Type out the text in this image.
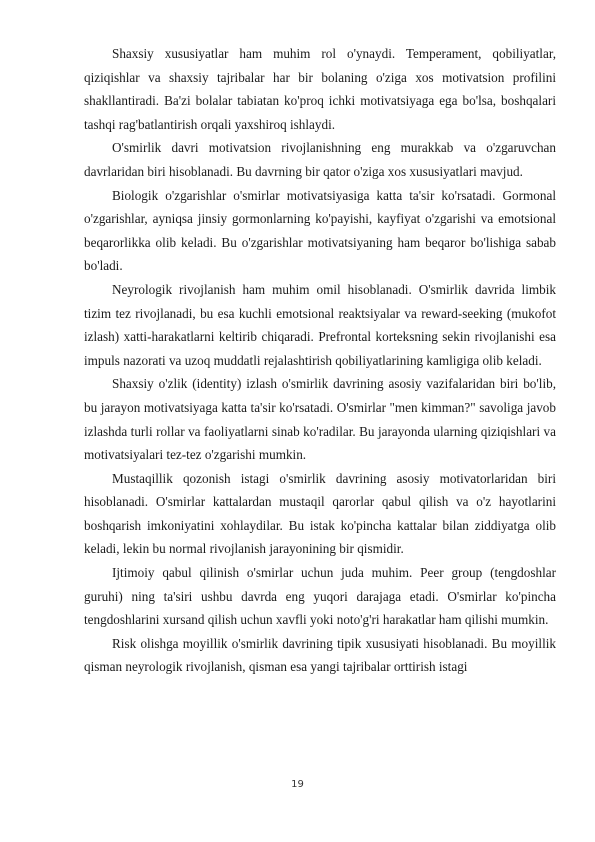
Shaxsiy xususiyatlar ham muhim rol o'ynaydi. Temperament, qobiliyatlar, qiziqishlar va shaxsiy tajribalar har bir bolaning o'ziga xos motivatsion profilini shakllantiradi. Ba'zi bolalar tabiatan ko'proq ichki motivatsiyaga ega bo'lsa, boshqalari tashqi rag'batlantirish orqali yaxshiroq ishlaydi.

O'smirlik davri motivatsion rivojlanishning eng murakkab va o'zgaruvchan davrlaridan biri hisoblanadi. Bu davrning bir qator o'ziga xos xususiyatlari mavjud.

Biologik o'zgarishlar o'smirlar motivatsiyasiga katta ta'sir ko'rsatadi. Gormonal o'zgarishlar, ayniqsa jinsiy gormonlarning ko'payishi, kayfiyat o'zgarishi va emotsional beqarorlikka olib keladi. Bu o'zgarishlar motivatsiyaning ham beqaror bo'lishiga sabab bo'ladi.

Neyrologik rivojlanish ham muhim omil hisoblanadi. O'smirlik davrida limbik tizim tez rivojlanadi, bu esa kuchli emotsional reaktsiyalar va reward-seeking (mukofot izlash) xatti-harakatlarni keltirib chiqaradi. Prefrontal korteksning sekin rivojlanishi esa impuls nazorati va uzoq muddatli rejalashtirish qobiliyatlarining kamligiga olib keladi.

Shaxsiy o'zlik (identity) izlash o'smirlik davrining asosiy vazifalaridan biri bo'lib, bu jarayon motivatsiyaga katta ta'sir ko'rsatadi. O'smirlar "men kimman?" savoliga javob izlashda turli rollar va faoliyatlarni sinab ko'radilar. Bu jarayonda ularning qiziqishlari va motivatsiyalari tez-tez o'zgarishi mumkin.

Mustaqillik qozonish istagi o'smirlik davrining asosiy motivatorlaridan biri hisoblanadi. O'smirlar kattalardan mustaqil qarorlar qabul qilish va o'z hayotlarini boshqarish imkoniyatini xohlaydilar. Bu istak ko'pincha kattalar bilan ziddiyatga olib keladi, lekin bu normal rivojlanish jarayonining bir qismidir.

Ijtimoiy qabul qilinish o'smirlar uchun juda muhim. Peer group (tengdoshlar guruhi) ning ta'siri ushbu davrda eng yuqori darajaga etadi. O'smirlar ko'pincha tengdoshlarini xursand qilish uchun xavfli yoki noto'g'ri harakatlar ham qilishi mumkin.

Risk olishga moyillik o'smirlik davrining tipik xususiyati hisoblanadi. Bu moyillik qisman neyrologik rivojlanish, qisman esa yangi tajribalar orttirish istagi

19
